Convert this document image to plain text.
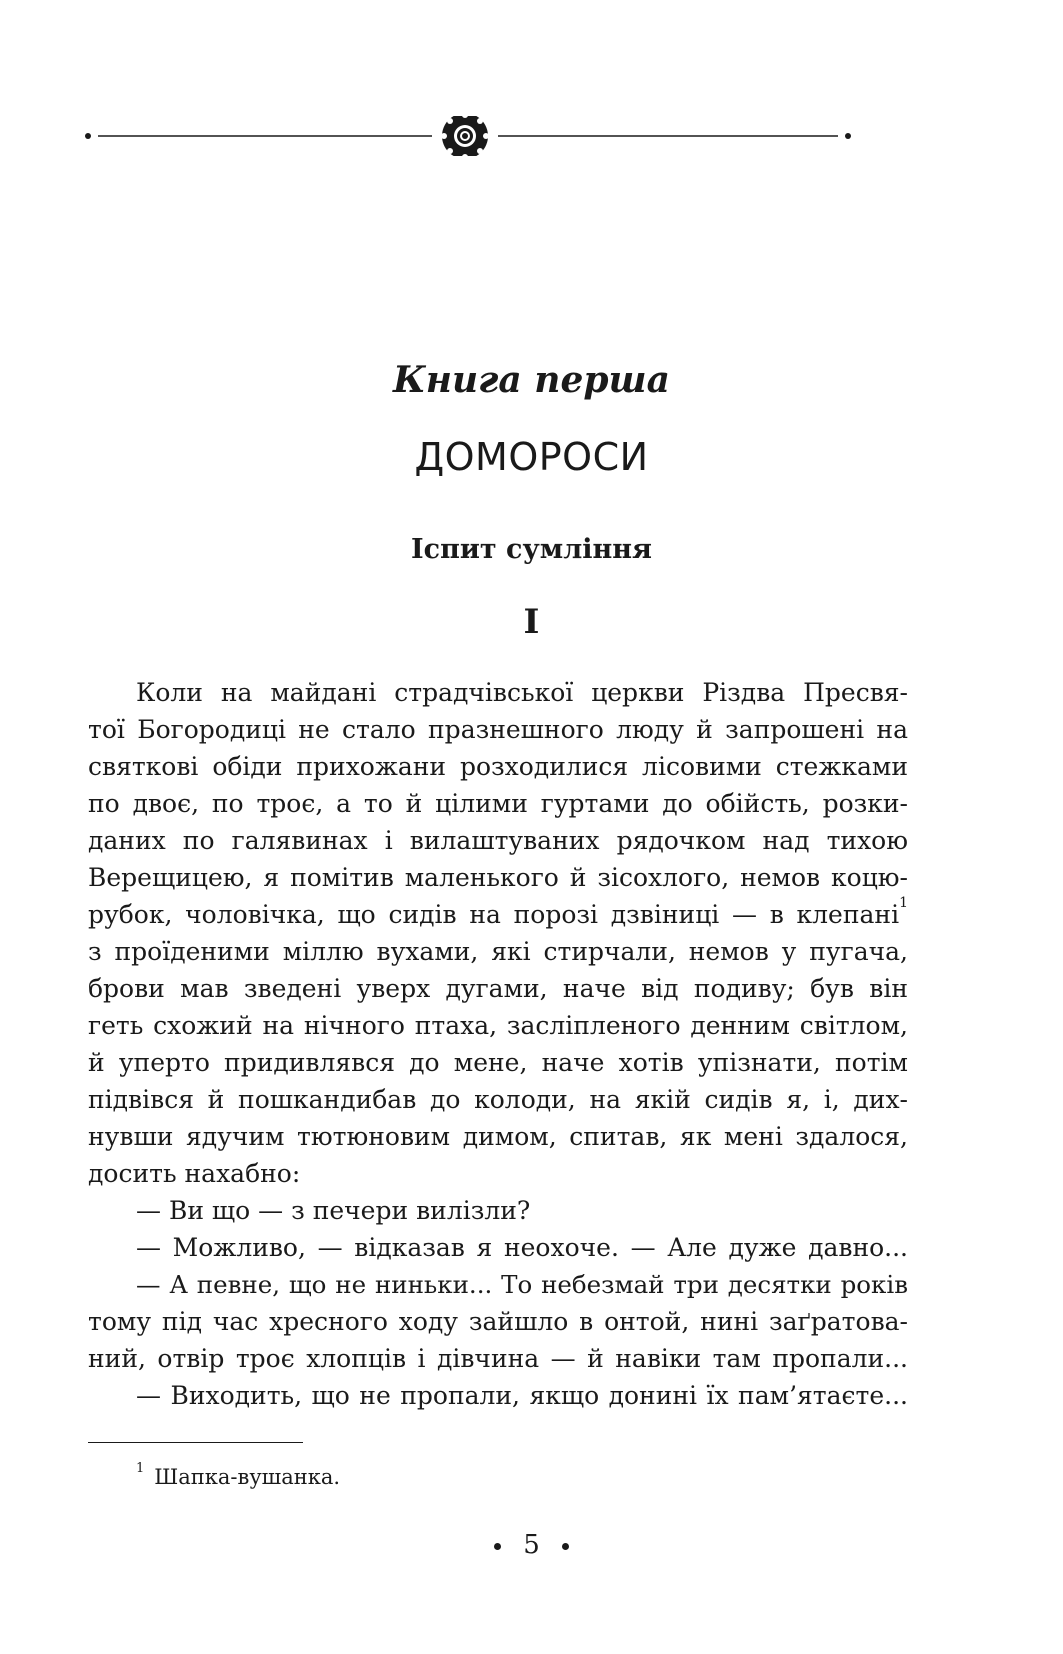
Книга перша
ДОМОРОСИ
Іспит сумління
I
Коли на майдані страдчівської церкви Різдва Пресвя-
тої Богородиці не стало празнешного люду й запрошені на
святкові обіди прихожани розходилися лісовими стежками
по двоє, по троє, а то й цілими гуртами до обійсть, розки-
даних по галявинах і вилаштуваних рядочком над тихою
Верещицею, я помітив маленького й зісохлого, немов коцю-
рубок, чоловічка, що сидів на порозі дзвіниці — в клепані$^1$
з проїденими міллю вухами, які стирчали, немов у пугача,
брови мав зведені уверх дугами, наче від подиву; був він
геть схожий на нічного птаха, засліпленого денним світлом,
й уперто придивлявся до мене, наче хотів упізнати, потім
підвівся й пошкандибав до колоди, на якій сидів я, і, дих-
нувши ядучим тютюновим димом, спитав, як мені здалося,
досить нахабно:
— Ви що — з печери вилізли?
— Можливо, — відказав я неохоче. — Але дуже давно...
— А певне, що не ниньки... То небезмай три десятки років
тому під час хресного ходу зайшло в онтой, нині заґратова-
ний, отвір троє хлопців і дівчина — й навіки там пропали...
— Виходить, що не пропали, якщо донині їх пам’ятаєте...
$^1$ Шапка-вушанка.
5
